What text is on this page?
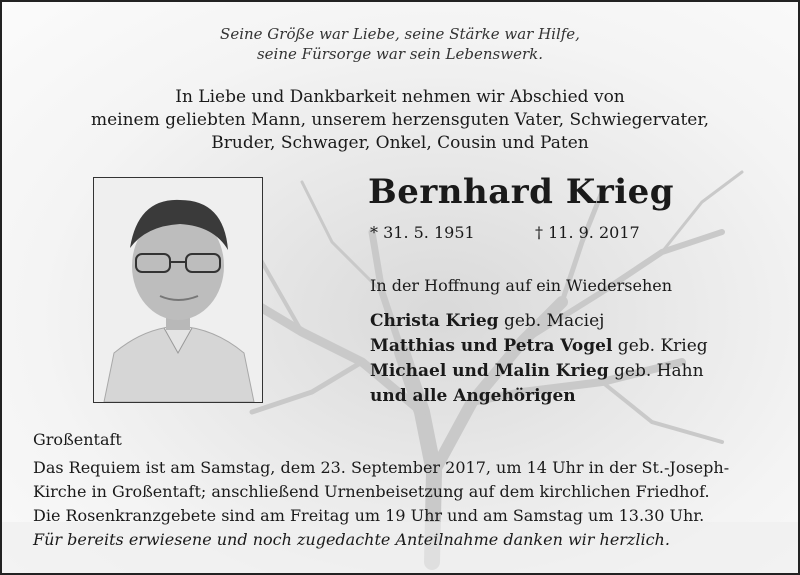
Seine Größe war Liebe, seine Stärke war Hilfe,
seine Fürsorge war sein Lebenswerk.
In Liebe und Dankbarkeit nehmen wir Abschied von
meinem geliebten Mann, unserem herzensguten Vater, Schwiegervater,
Bruder, Schwager, Onkel, Cousin und Paten
Bernhard Krieg
* 31. 5. 1951	† 11. 9. 2017
In der Hoffnung auf ein Wiedersehen
Christa Krieg geb. Maciej
Matthias und Petra Vogel geb. Krieg
Michael und Malin Krieg geb. Hahn
und alle Angehörigen
Großentaft
Das Requiem ist am Samstag, dem 23. September 2017, um 14 Uhr in der St.-Joseph-
Kirche in Großentaft; anschließend Urnenbeisetzung auf dem kirchlichen Friedhof.
Die Rosenkranzgebete sind am Freitag um 19 Uhr und am Samstag um 13.30 Uhr.
Für bereits erwiesene und noch zugedachte Anteilnahme danken wir herzlich.
